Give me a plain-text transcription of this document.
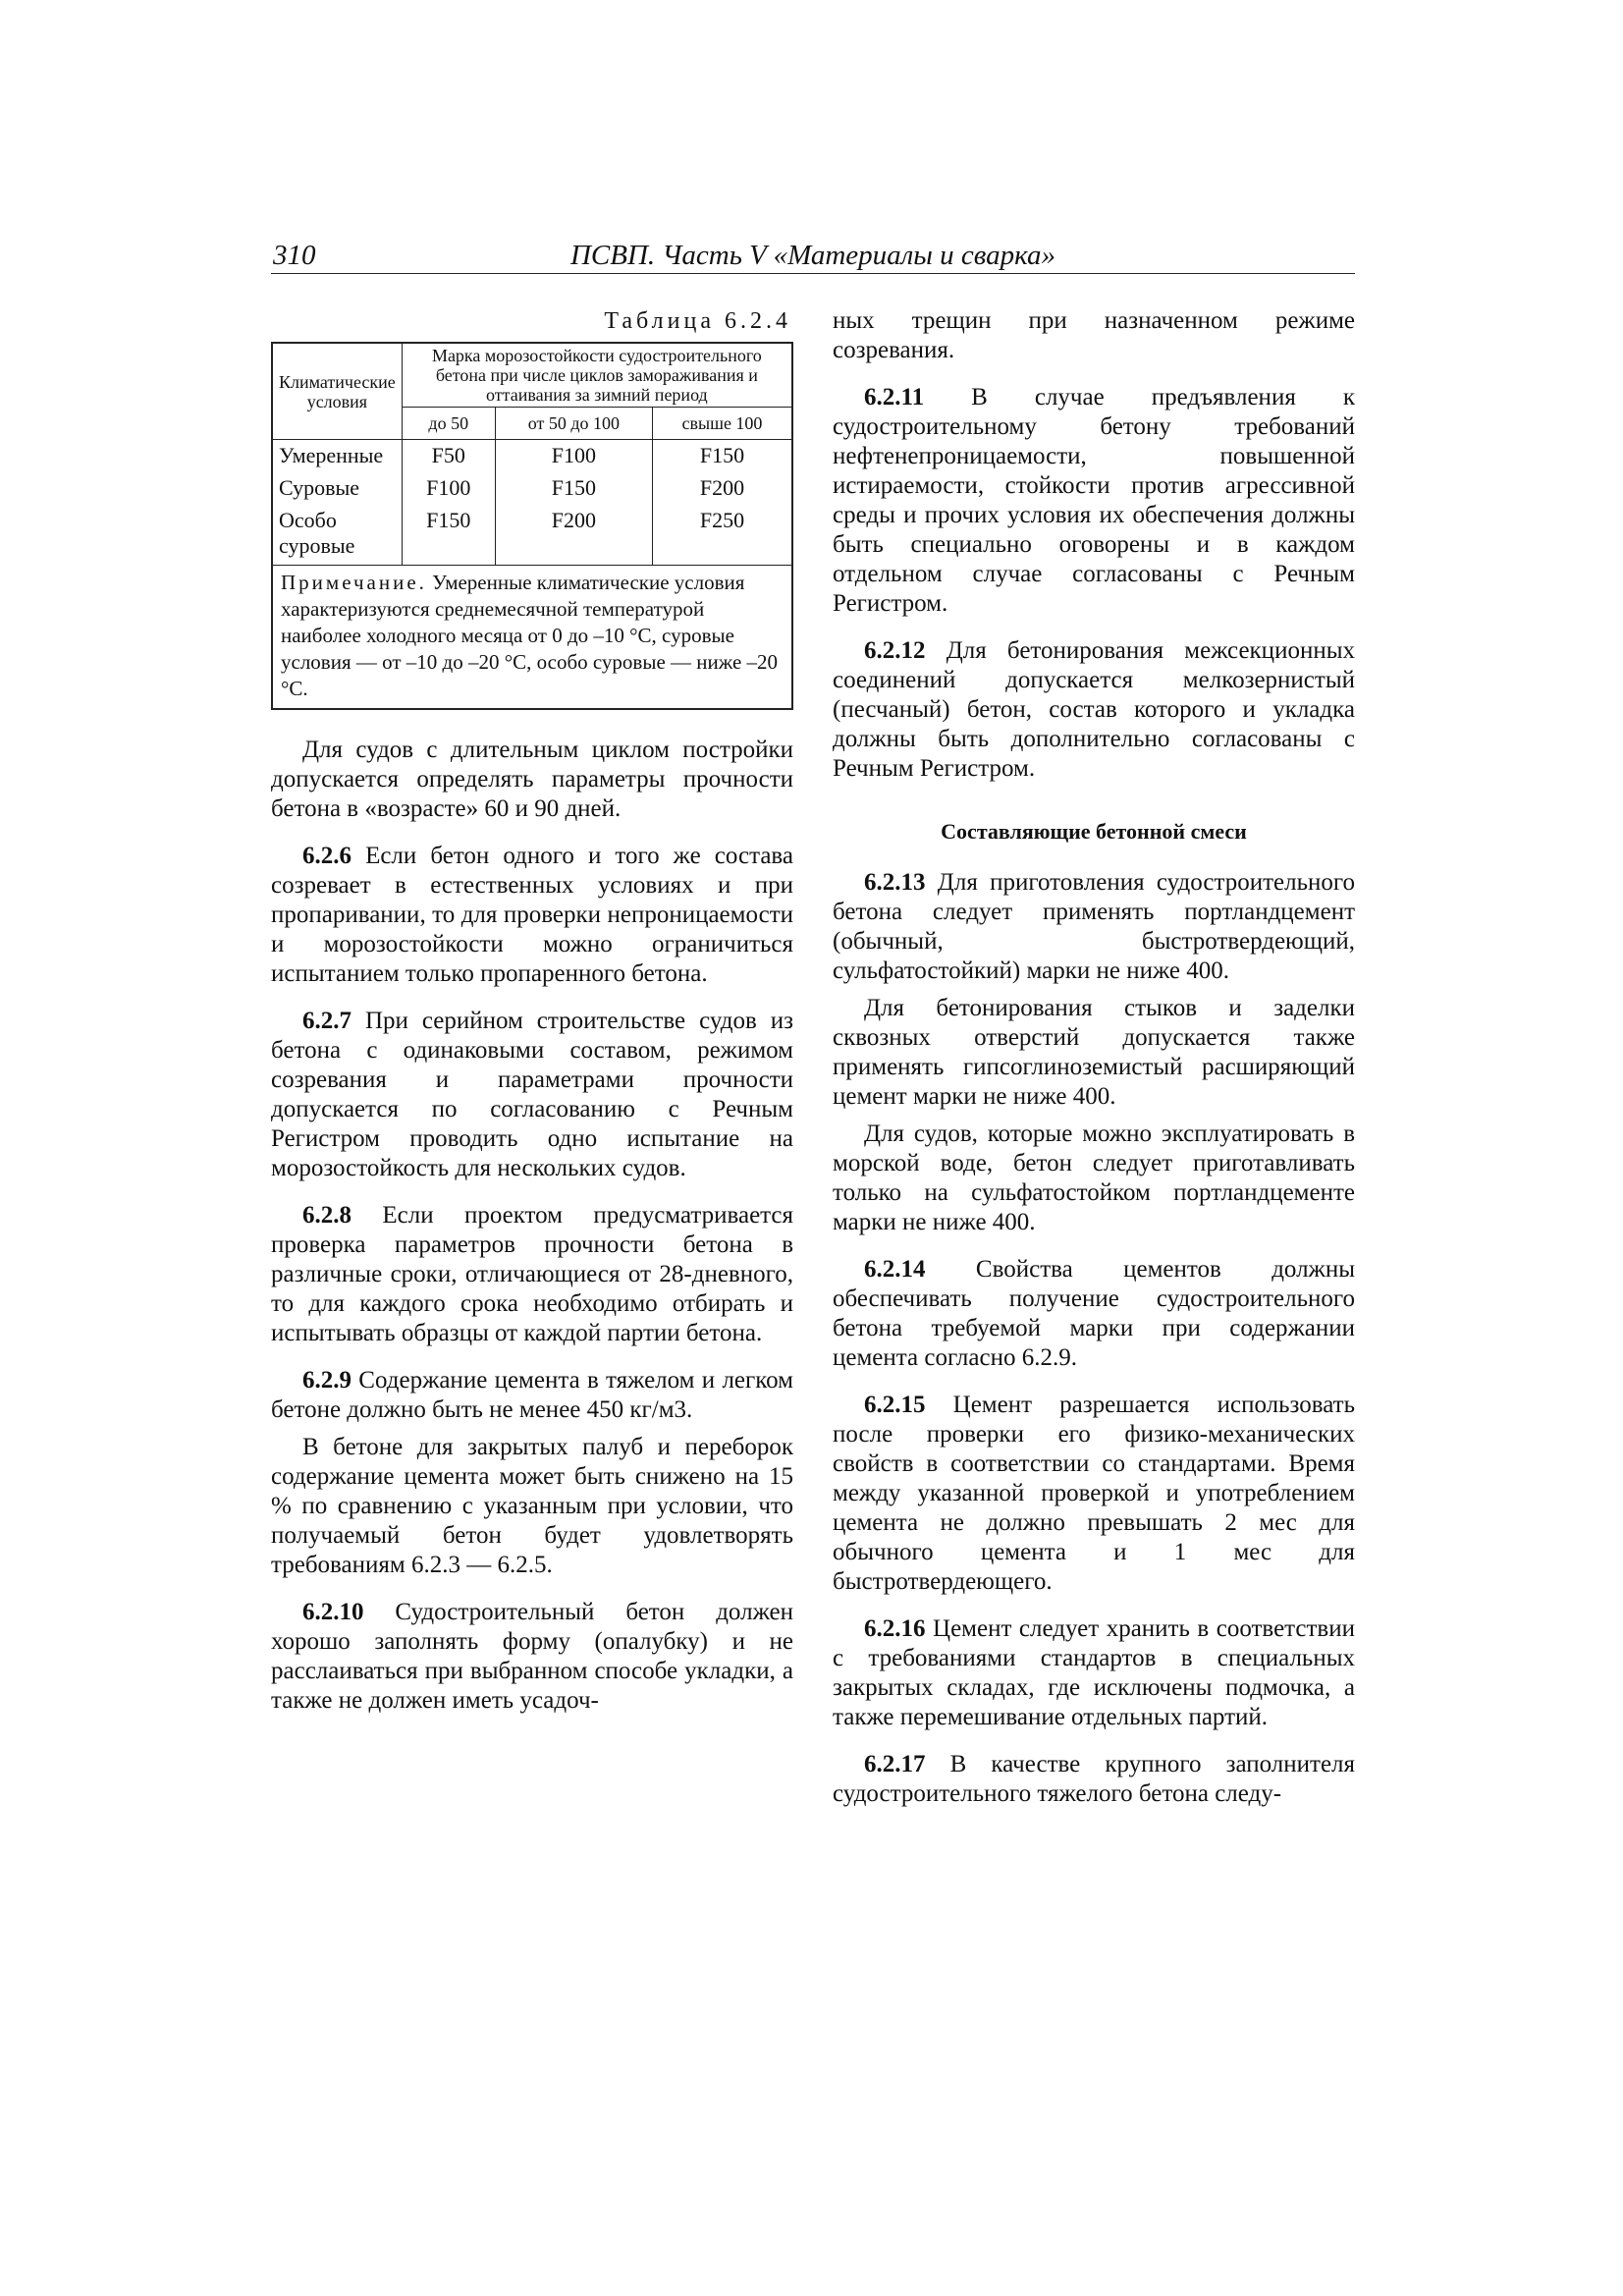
310	ПСВП. Часть V «Материалы и сварка»
Таблица 6.2.4
Климатические условия	Марка морозостойкости судостроительного бетона при числе циклов замораживания и оттаивания за зимний период		
	до 50	от 50 до 100	свыше 100
Умеренные	F50	F100	F150
Суровые	F100	F150	F200
Особо суровые	F150	F200	F250
Примечание. Умеренные климатические условия характеризуются среднемесячной температурой наиболее холодного месяца от 0 до –10 °С, суровые условия — от –10 до –20 °С, особо суровые — ниже –20 °С.			

Для судов с длительным циклом постройки допускается определять параметры прочности бетона в «возрасте» 60 и 90 дней.

6.2.6 Если бетон одного и того же состава созревает в естественных условиях и при пропаривании, то для проверки непроницаемости и морозостойкости можно ограничиться испытанием только пропаренного бетона.

6.2.7 При серийном строительстве судов из бетона с одинаковыми составом, режимом созревания и параметрами прочности допускается по согласованию с Речным Регистром проводить одно испытание на морозостойкость для нескольких судов.

6.2.8 Если проектом предусматривается проверка параметров прочности бетона в различные сроки, отличающиеся от 28-дневного, то для каждого срока необходимо отбирать и испытывать образцы от каждой партии бетона.

6.2.9 Содержание цемента в тяжелом и легком бетоне должно быть не менее 450 кг/м3.

В бетоне для закрытых палуб и переборок содержание цемента может быть снижено на 15 % по сравнению с указанным при условии, что получаемый бетон будет удовлетворять требованиям 6.2.3 — 6.2.5.

6.2.10 Судостроительный бетон должен хорошо заполнять форму (опалубку) и не расслаиваться при выбранном способе укладки, а также не должен иметь усадоч-

ных трещин при назначенном режиме созревания.

6.2.11 В случае предъявления к судостроительному бетону требований нефтенепроницаемости, повышенной истираемости, стойкости против агрессивной среды и прочих условия их обеспечения должны быть специально оговорены и в каждом отдельном случае согласованы с Речным Регистром.

6.2.12 Для бетонирования межсекционных соединений допускается мелкозернистый (песчаный) бетон, состав которого и укладка должны быть дополнительно согласованы с Речным Регистром.

Составляющие бетонной смеси

6.2.13 Для приготовления судостроительного бетона следует применять портландцемент (обычный, быстротвердеющий, сульфатостойкий) марки не ниже 400.

Для бетонирования стыков и заделки сквозных отверстий допускается также применять гипсоглиноземистый расширяющий цемент марки не ниже 400.

Для судов, которые можно эксплуатировать в морской воде, бетон следует приготавливать только на сульфатостойком портландцементе марки не ниже 400.

6.2.14 Свойства цементов должны обеспечивать получение судостроительного бетона требуемой марки при содержании цемента согласно 6.2.9.

6.2.15 Цемент разрешается использовать после проверки его физико-механических свойств в соответствии со стандартами. Время между указанной проверкой и употреблением цемента не должно превышать 2 мес для обычного цемента и 1 мес для быстротвердеющего.

6.2.16 Цемент следует хранить в соответствии с требованиями стандартов в специальных закрытых складах, где исключены подмочка, а также перемешивание отдельных партий.

6.2.17 В качестве крупного заполнителя судостроительного тяжелого бетона следу-
